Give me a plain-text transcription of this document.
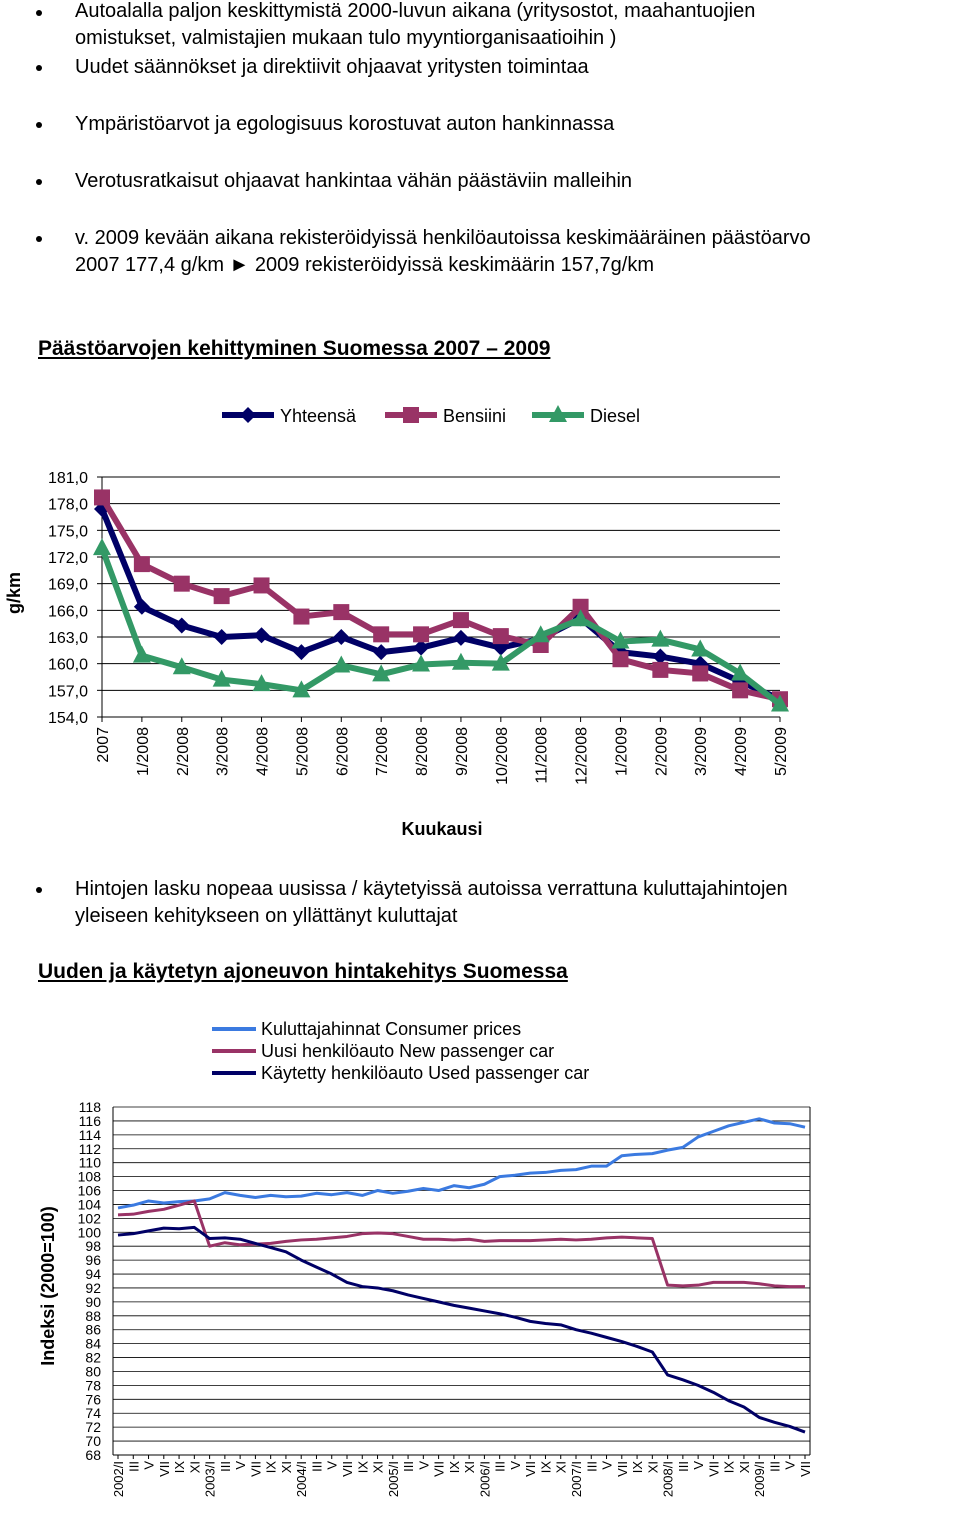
Autoalalla paljon keskittymistä 2000-luvun aikana (yritysostot, maahantuojien
omistukset, valmistajien mukaan tulo myyntiorganisaatioihin )
Uudet säännökset ja direktiivit ohjaavat yritysten toimintaa
Ympäristöarvot ja egologisuus korostuvat auton hankinnassa
Verotusratkaisut ohjaavat hankintaa vähän päästäviin malleihin
v. 2009 kevään aikana rekisteröidyissä henkilöautoissa keskimääräinen päästöarvo
2007 177,4 g/km ► 2009 rekisteröidyissä keskimäärin 157,7g/km
Päästöarvojen kehittyminen Suomessa 2007 – 2009
181,0
178,0
175,0
172,0
169,0
166,0
163,0
160,0
157,0
154,0
2007 1/2008 2/2008 3/2008 4/2008 5/2008 6/2008 7/2008 8/2008 9/2008 10/2008 11/2008 12/2008 1/2009 2/2009 3/2009 4/2009 5/2009
Kuukausi
g/km
Yhteensä	Bensiini	Diesel
Hintojen lasku nopeaa uusissa / käytetyissä autoissa verrattuna kuluttajahintojen
yleiseen kehitykseen on yllättänyt kuluttajat
Uuden ja käytetyn ajoneuvon hintakehitys Suomessa
68
70
72
74
76
78
80
82
84
86
88
90
92
94
96
98
100
102
104
106
108
110
112
114
116
118
2002/I III V VII IX XI 2003/I III V VII IX XI 2004/I III V VII IX XI 2005/I III V VII IX XI 2006/I III V VII IX XI 2007/I III V VII IX XI 2008/I III V VII IX XI 2009/I III V VII
Indeksi (2000=100)
Kuluttajahinnat Consumer prices
Uusi henkilöauto New passenger car
Käytetty henkilöauto Used passenger car
